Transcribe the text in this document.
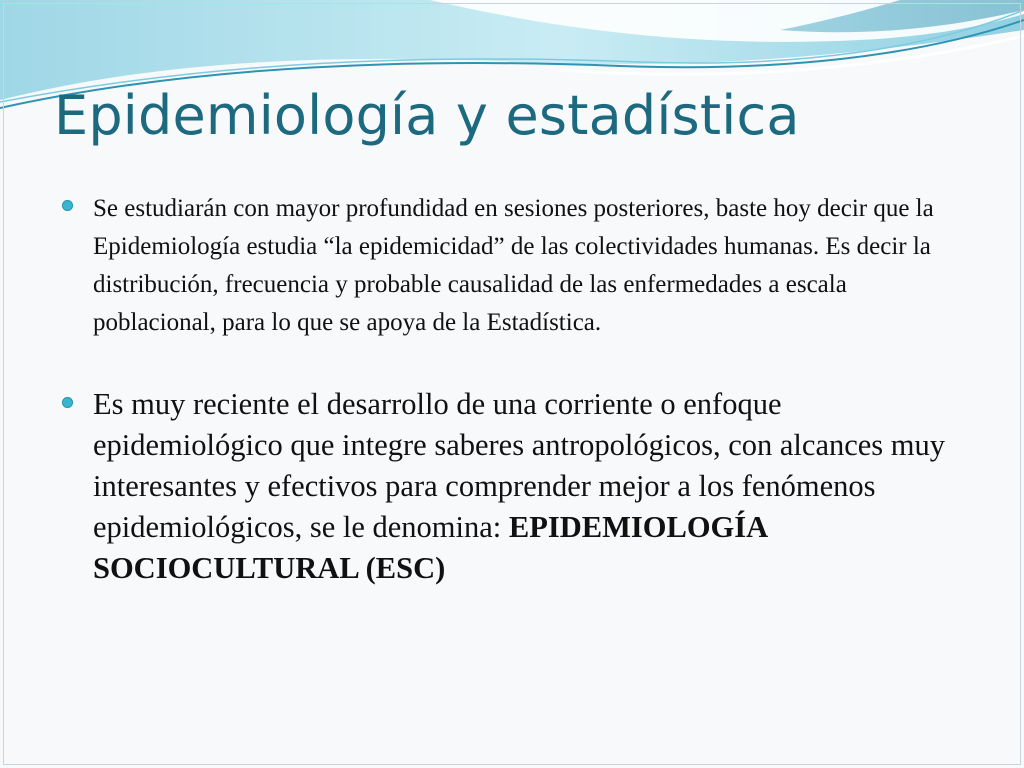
Epidemiología y estadística
Se estudiarán con mayor profundidad en sesiones posteriores, baste hoy decir que la Epidemiología estudia “la epidemicidad” de las colectividades humanas. Es decir la distribución, frecuencia y probable causalidad de las enfermedades a escala poblacional, para lo que se apoya de la Estadística.
Es muy reciente el desarrollo de una corriente o enfoque epidemiológico que integre saberes antropológicos, con alcances muy interesantes y efectivos para comprender mejor a los fenómenos epidemiológicos, se le denomina: EPIDEMIOLOGÍA SOCIOCULTURAL (ESC)
